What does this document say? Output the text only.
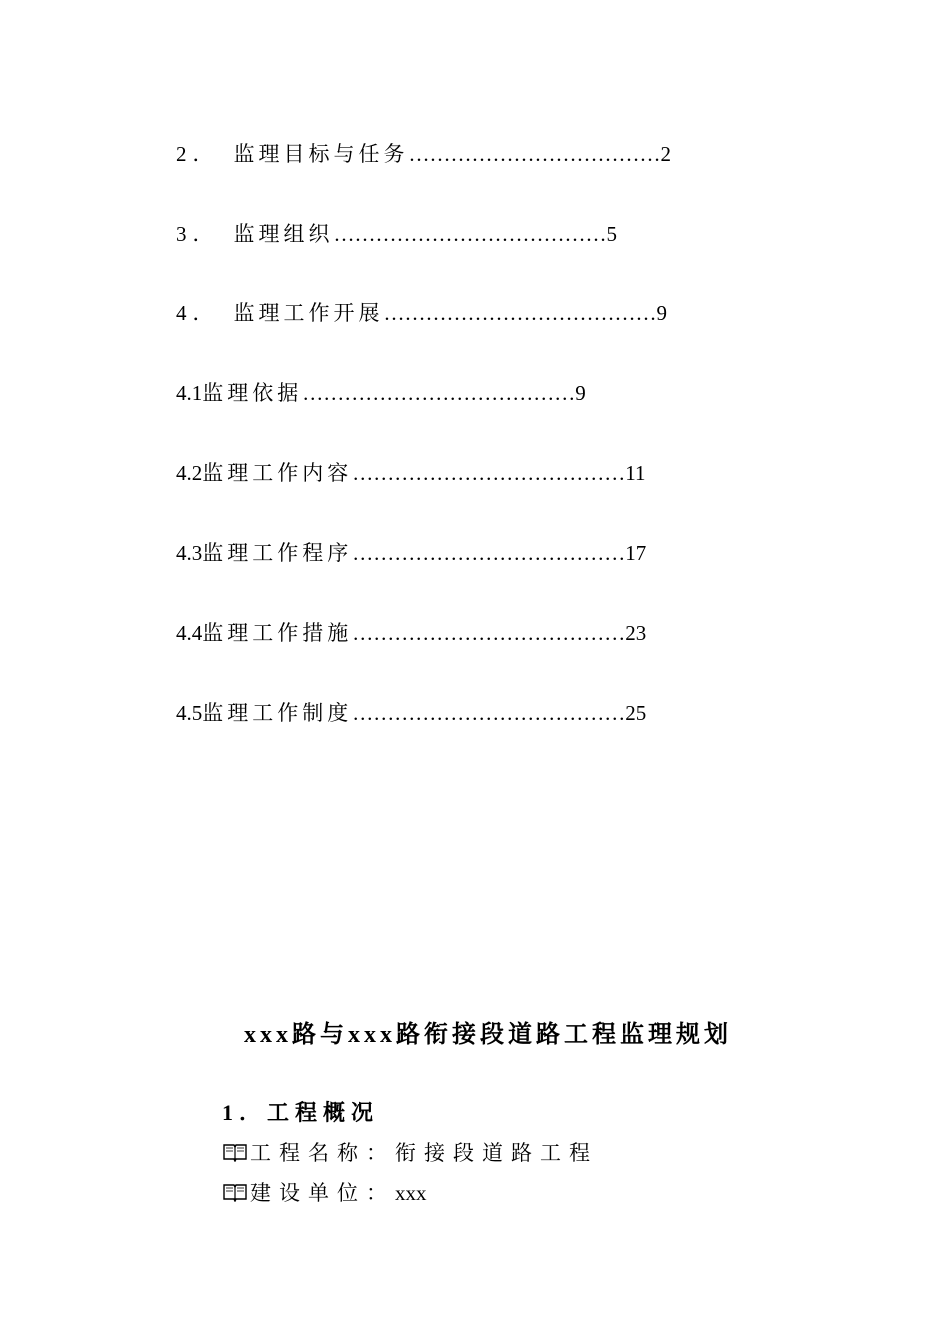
2． 监理目标与任务………………………………2
3． 监理组织…………………………………5
4． 监理工作开展…………………………………9
4.1监理依据…………………………………9
4.2监理工作内容…………………………………11
4.3监理工作程序…………………………………17
4.4监理工作措施…………………………………23
4.5监理工作制度…………………………………25
xxx路与xxx路衔接段道路工程监理规划
1．工程概况
工程名称：衔接段道路工程
建设单位：xxx
